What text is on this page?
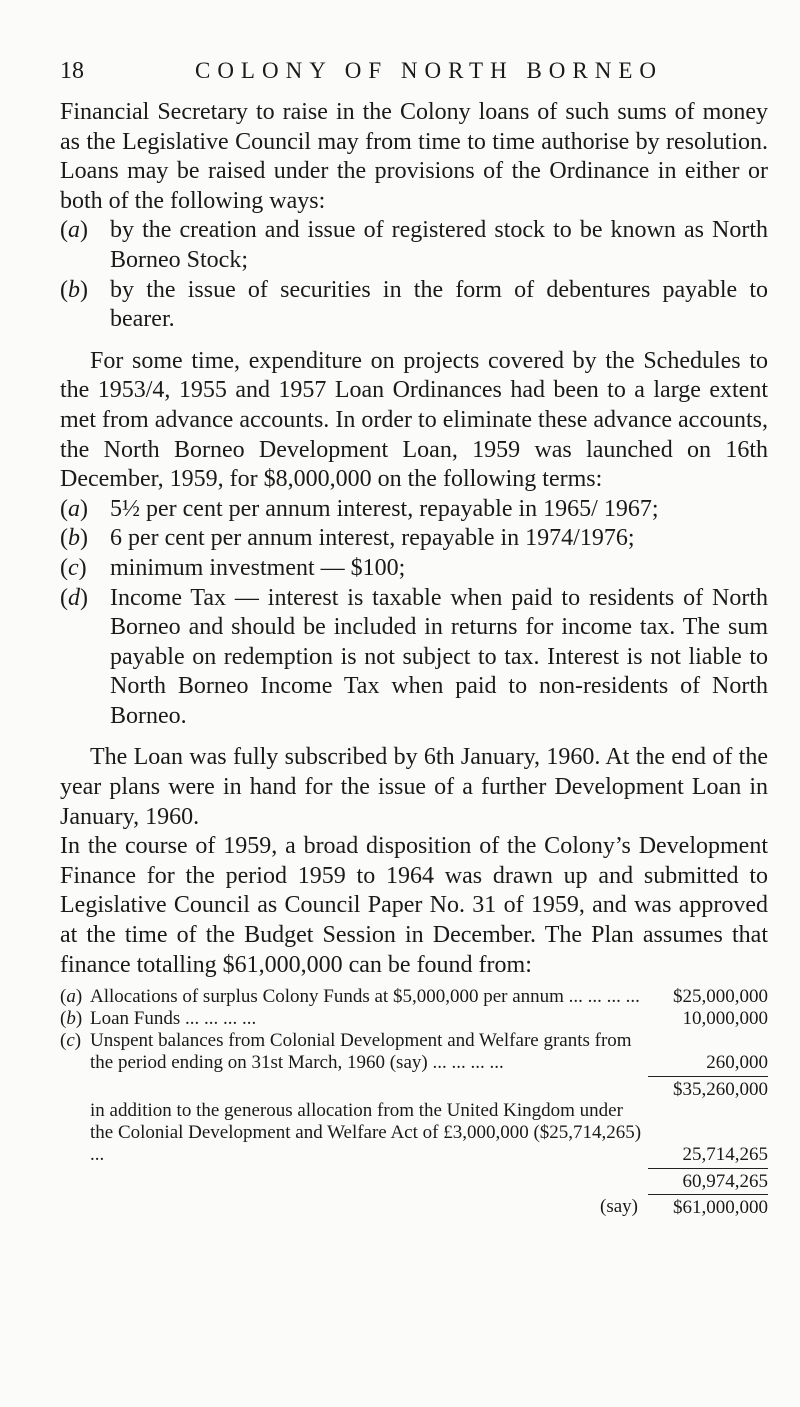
18	COLONY OF NORTH BORNEO

Financial Secretary to raise in the Colony loans of such sums of money as the Legislative Council may from time to time authorise by resolution. Loans may be raised under the provisions of the Ordinance in either or both of the following ways:

(a) by the creation and issue of registered stock to be known as North Borneo Stock;
(b) by the issue of securities in the form of debentures payable to bearer.

For some time, expenditure on projects covered by the Schedules to the 1953/4, 1955 and 1957 Loan Ordinances had been to a large extent met from advance accounts. In order to eliminate these advance accounts, the North Borneo Development Loan, 1959 was launched on 16th December, 1959, for $8,000,000 on the following terms:

(a) 5½ per cent per annum interest, repayable in 1965/ 1967;
(b) 6 per cent per annum interest, repayable in 1974/1976;
(c) minimum investment — $100;
(d) Income Tax — interest is taxable when paid to residents of North Borneo and should be included in returns for income tax. The sum payable on redemption is not subject to tax. Interest is not liable to North Borneo Income Tax when paid to non-residents of North Borneo.

The Loan was fully subscribed by 6th January, 1960. At the end of the year plans were in hand for the issue of a further Development Loan in January, 1960.

In the course of 1959, a broad disposition of the Colony’s Development Finance for the period 1959 to 1964 was drawn up and submitted to Legislative Council as Council Paper No. 31 of 1959, and was approved at the time of the Budget Session in December. The Plan assumes that finance totalling $61,000,000 can be found from:

(a) Allocations of surplus Colony Funds at $5,000,000 per annum ... ... ... ...	$25,000,000
(b) Loan Funds ... ... ... ...	10,000,000
(c) Unspent balances from Colonial Development and Welfare grants from the period ending on 31st March, 1960 (say) ... ... ... ...	260,000
$35,260,000
in addition to the generous allocation from the United Kingdom under the Colonial Development and Welfare Act of £3,000,000 ($25,714,265) ...	25,714,265
60,974,265
(say)	$61,000,000
